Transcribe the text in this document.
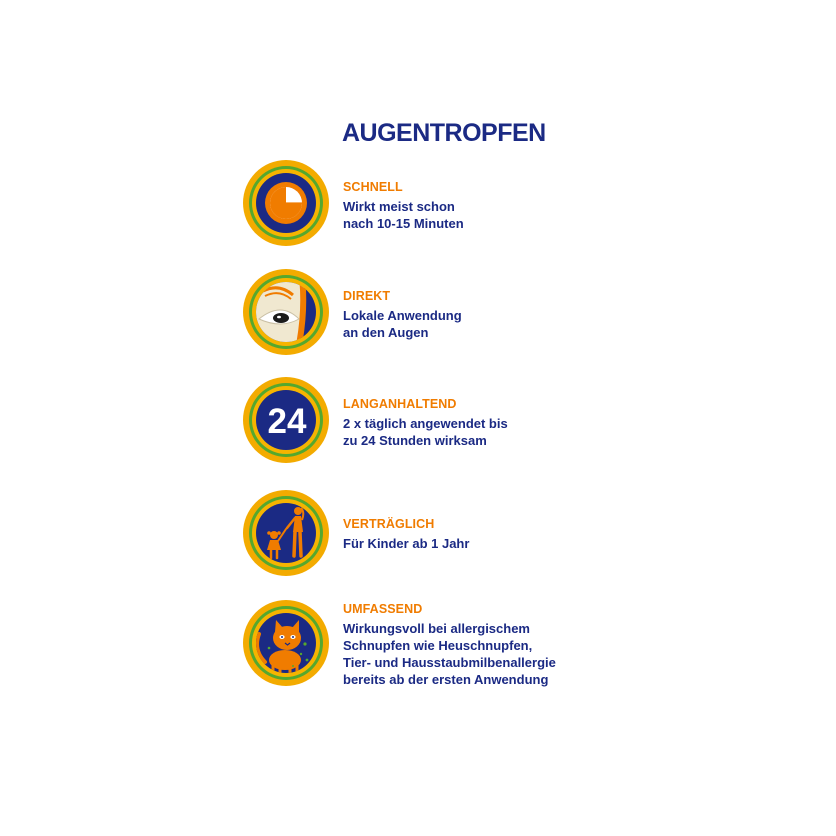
AUGENTROPFEN
SCHNELL
Wirkt meist schon
nach 10-15 Minuten
DIREKT
Lokale Anwendung
an den Augen
24	LANGANHALTEND
2 x täglich angewendet bis
zu 24 Stunden wirksam
VERTRÄGLICH
Für Kinder ab 1 Jahr
UMFASSEND
Wirkungsvoll bei allergischem
Schnupfen wie Heuschnupfen,
Tier- und Hausstaubmilbenallergie
bereits ab der ersten Anwendung
